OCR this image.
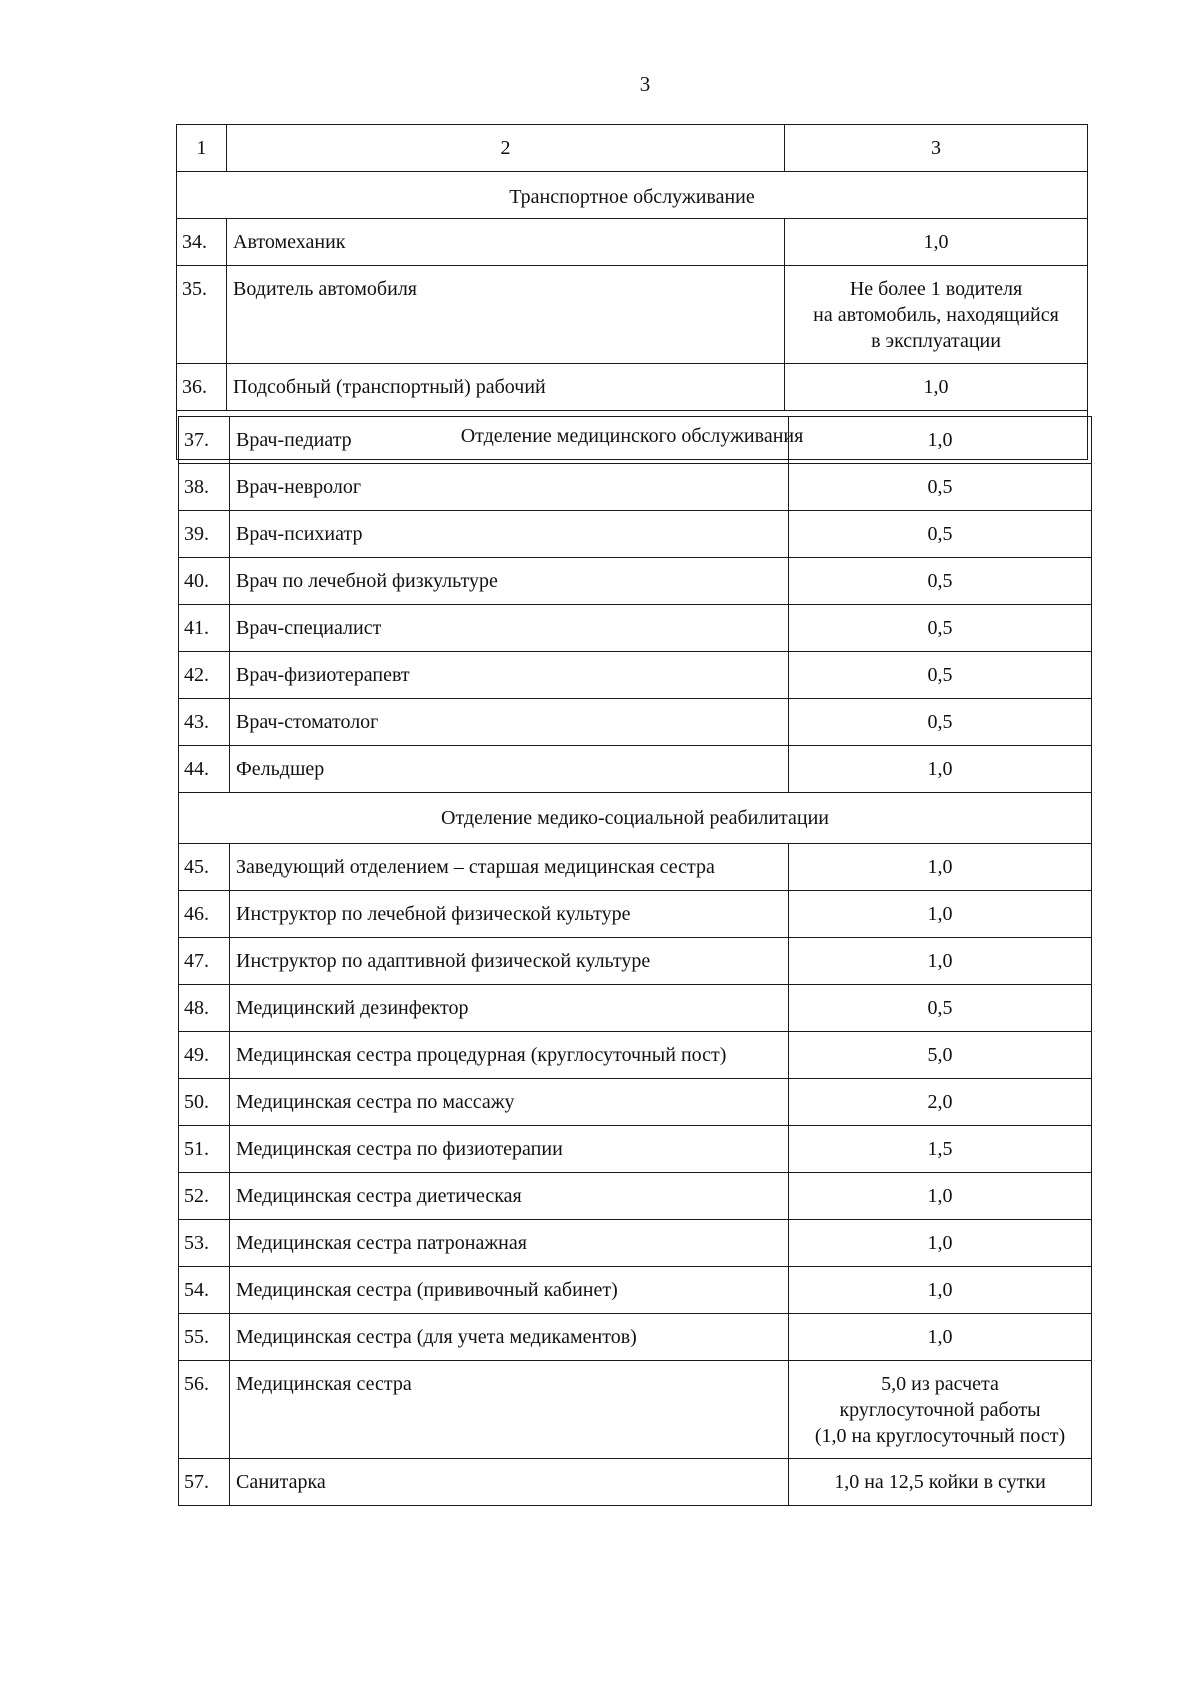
3
1	2	3
Транспортное обслуживание		
34.	Автомеханик	1,0
35.	Водитель автомобиля	Не более 1 водителя
на автомобиль, находящийся
в эксплуатации

36.	Подсобный (транспортный) рабочий	1,0
Отделение медицинского обслуживания		
37.	Врач-педиатр	1,0
38.	Врач-невролог	0,5
39.	Врач-психиатр	0,5
40.	Врач по лечебной физкультуре	0,5
41.	Врач-специалист	0,5
42.	Врач-физиотерапевт	0,5
43.	Врач-стоматолог	0,5
44.	Фельдшер	1,0
Отделение медико-социальной реабилитации		
45.	Заведующий отделением – старшая медицинская сестра	1,0
46.	Инструктор по лечебной физической культуре	1,0
47.	Инструктор по адаптивной физической культуре	1,0
48.	Медицинский дезинфектор	0,5
49.	Медицинская сестра процедурная (круглосуточный пост)	5,0
50.	Медицинская сестра по массажу	2,0
51.	Медицинская сестра по физиотерапии	1,5
52.	Медицинская сестра диетическая	1,0
53.	Медицинская сестра патронажная	1,0
54.	Медицинская сестра (прививочный кабинет)	1,0
55.	Медицинская сестра (для учета медикаментов)	1,0
56.	Медицинская сестра	5,0 из расчета
круглосуточной работы
(1,0 на круглосуточный пост)

57.	Санитарка	1,0 на 12,5 койки в сутки
